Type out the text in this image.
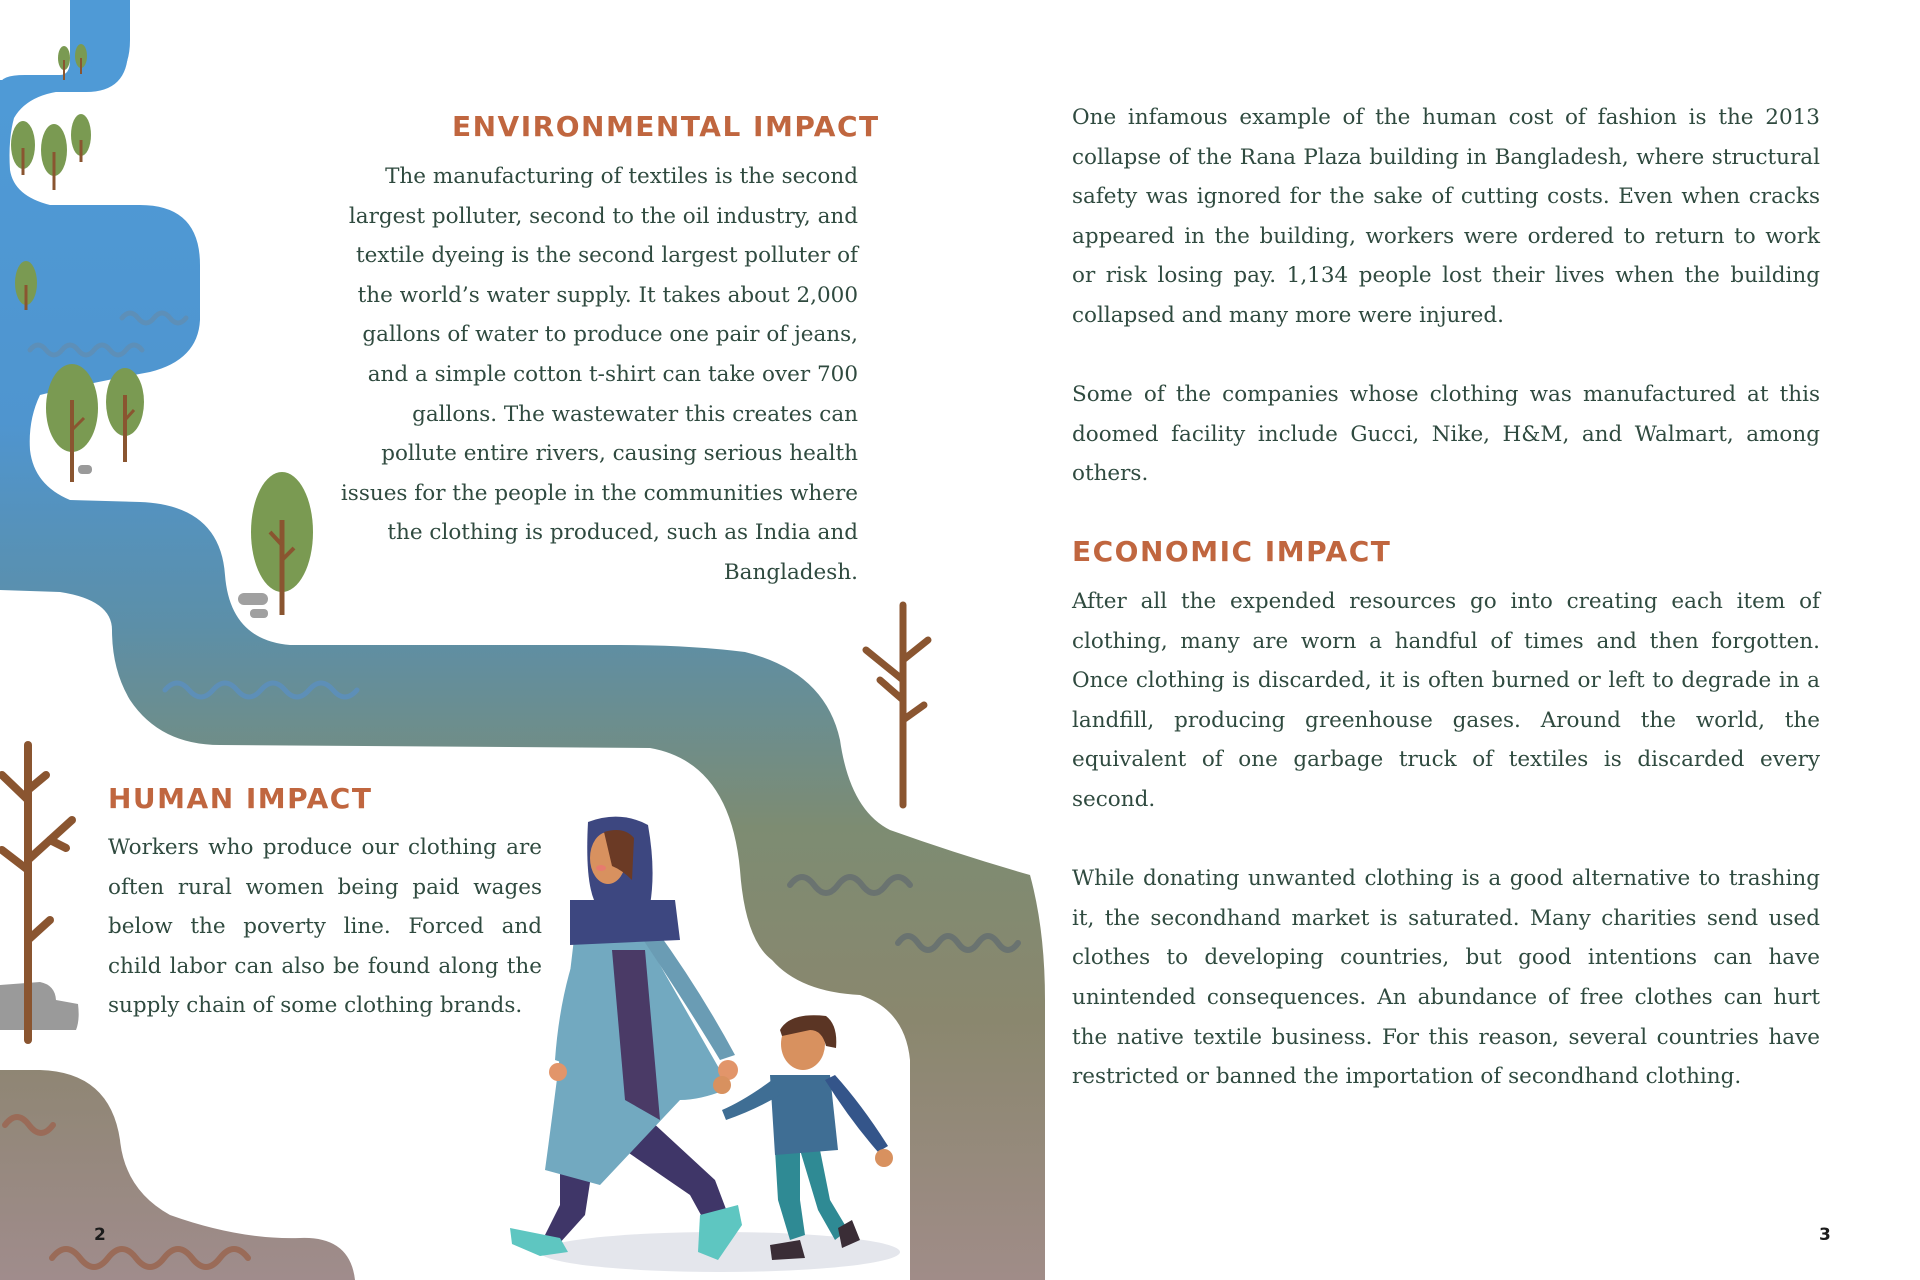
ENVIRONMENTAL IMPACT
The manufacturing of textiles is the second largest polluter, second to the oil industry, and textile dyeing is the second largest polluter of the world’s water supply. It takes about 2,000 gallons of water to produce one pair of jeans, and a simple cotton t-shirt can take over 700 gallons. The wastewater this creates can pollute entire rivers, causing serious health issues for the people in the communities where the clothing is produced, such as India and Bangladesh.
HUMAN IMPACT
Workers who produce our clothing are often rural women being paid wages below the poverty line. Forced and child labor can also be found along the supply chain of some clothing brands.
2

One infamous example of the human cost of fashion is the 2013 collapse of the Rana Plaza building in Bangladesh, where structural safety was ignored for the sake of cutting costs. Even when cracks appeared in the building, workers were ordered to return to work or risk losing pay. 1,134 people lost their lives when the building collapsed and many more were injured.

Some of the companies whose clothing was manufactured at this doomed facility include Gucci, Nike, H&M, and Walmart, among others.

ECONOMIC IMPACT

After all the expended resources go into creating each item of clothing, many are worn a handful of times and then forgotten. Once clothing is discarded, it is often burned or left to degrade in a landfill, producing greenhouse gases. Around the world, the equivalent of one garbage truck of textiles is discarded every second.

While donating unwanted clothing is a good alternative to trashing it, the secondhand market is saturated. Many charities send used clothes to developing countries, but good intentions can have unintended consequences. An abundance of free clothes can hurt the native textile business. For this reason, several countries have restricted or banned the importation of secondhand clothing.

3
